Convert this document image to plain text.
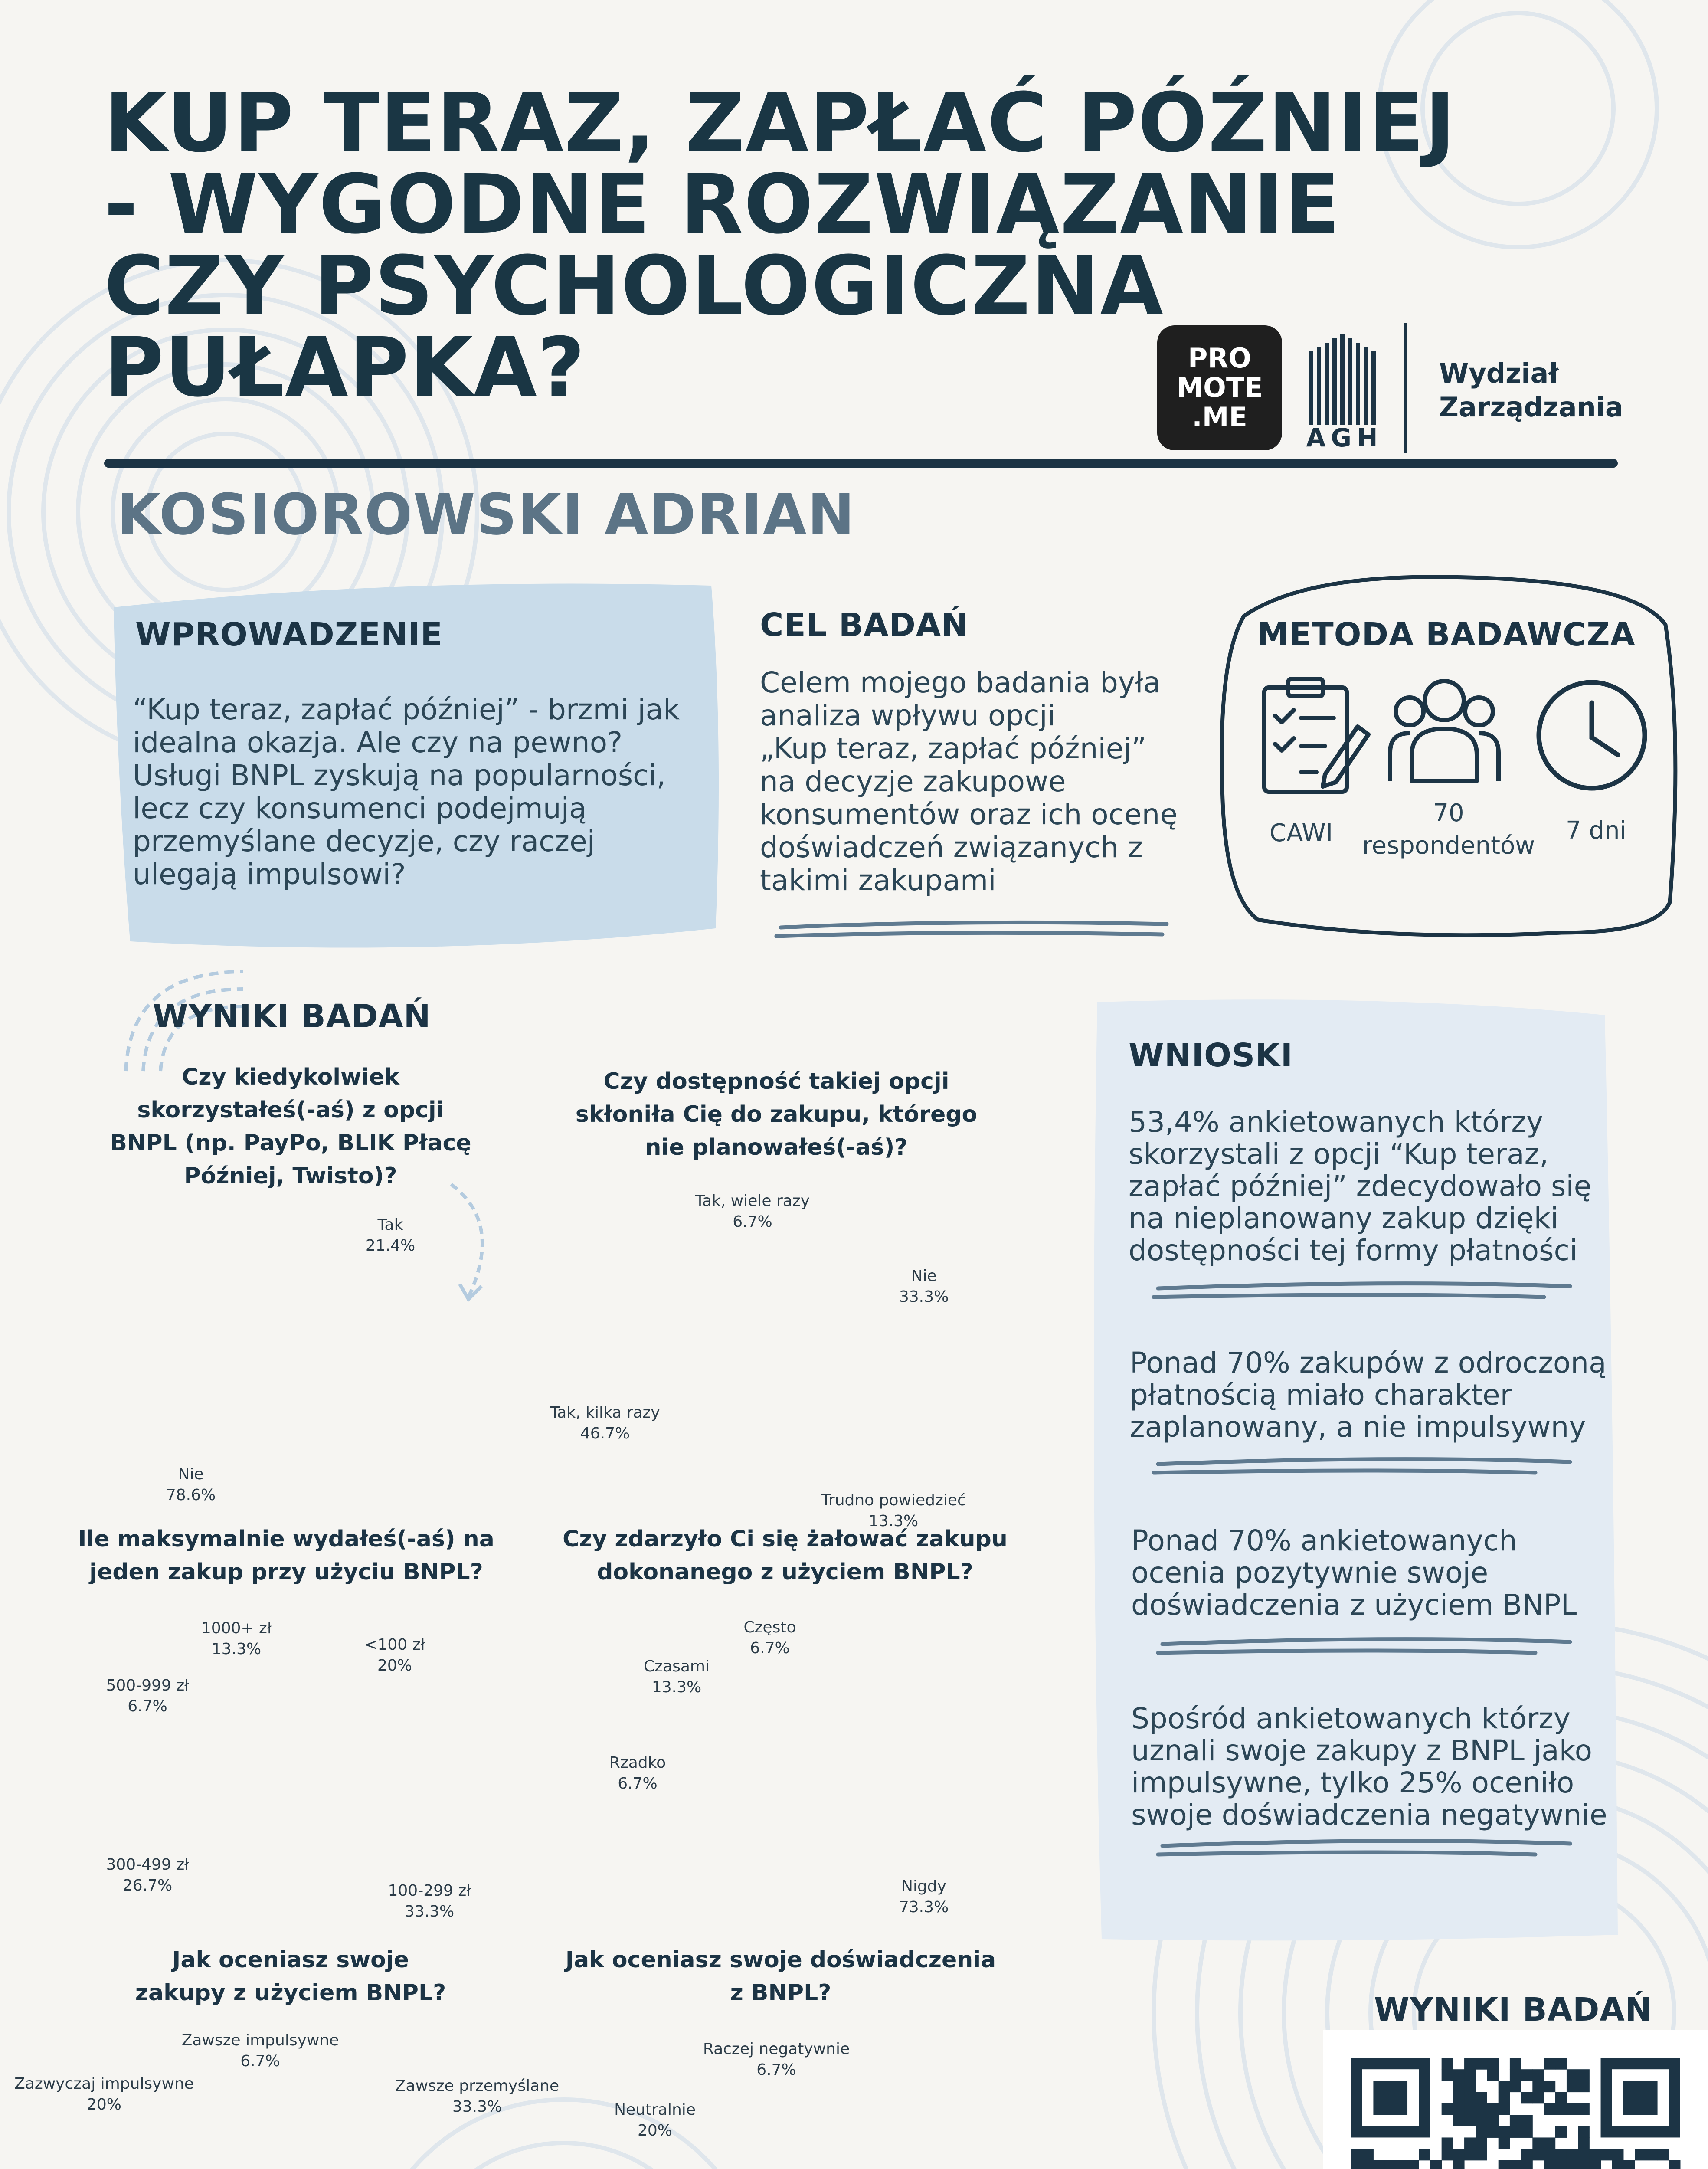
KUP TERAZ, ZAPŁAĆ PÓŹNIEJ
- WYGODNE ROZWIĄZANIE
CZY PSYCHOLOGICZNA
PUŁAPKA?	PRO
MOTE
.ME
AGH
Wydział
Zarządzania
KOSIOROWSKI ADRIAN
WPROWADZENIE
“Kup teraz, zapłać później” - brzmi jak
idealna okazja. Ale czy na pewno?
Usługi BNPL zyskują na popularności,
lecz czy konsumenci podejmują
przemyślane decyzje, czy raczej
ulegają impulsowi?
CEL BADAŃ
Celem mojego badania była
analiza wpływu opcji
„Kup teraz, zapłać później”
na decyzje zakupowe
konsumentów oraz ich ocenę
doświadczeń związanych z
takimi zakupami
METODA BADAWCZA
CAWI
70
respondentów
7 dni
WYNIKI BADAŃ
Czy kiedykolwiek
skorzystałeś(-aś) z opcji
BNPL (np. PayPo, BLIK Płacę
Później, Twisto)?
Tak
21.4%
Nie
78.6%
Czy dostępność takiej opcji
skłoniła Cię do zakupu, którego
nie planowałeś(-aś)?
Nie
33.3%
Trudno powiedzieć
13.3%
Tak, kilka razy
46.7%
Tak, wiele razy
6.7%
Ile maksymalnie wydałeś(-aś) na
jeden zakup przy użyciu BNPL?
<100 zł
20%
100-299 zł
33.3%
300-499 zł
26.7%
500-999 zł
6.7%
1000+ zł
13.3%
Czy zdarzyło Ci się żałować zakupu
dokonanego z użyciem BNPL?
Nigdy
73.3%
Rzadko
6.7%
Czasami
13.3%
Często
6.7%
Jak oceniasz swoje
zakupy z użyciem BNPL?
Zawsze przemyślane
33.3%
Zazwyczaj impulsywne
20%
Zawsze impulsywne
6.7%
Jak oceniasz swoje doświadczenia
z BNPL?
Neutralnie
20%
Raczej negatywnie
6.7%
WNIOSKI
53,4% ankietowanych którzy
skorzystali z opcji “Kup teraz,
zapłać później” zdecydowało się
na nieplanowany zakup dzięki
dostępności tej formy płatności
Ponad 70% zakupów z odroczoną
płatnością miało charakter
zaplanowany, a nie impulsywny
Ponad 70% ankietowanych
ocenia pozytywnie swoje
doświadczenia z użyciem BNPL
Spośród ankietowanych którzy
uznali swoje zakupy z BNPL jako
impulsywne, tylko 25% oceniło
swoje doświadczenia negatywnie
WYNIKI BADAŃ
